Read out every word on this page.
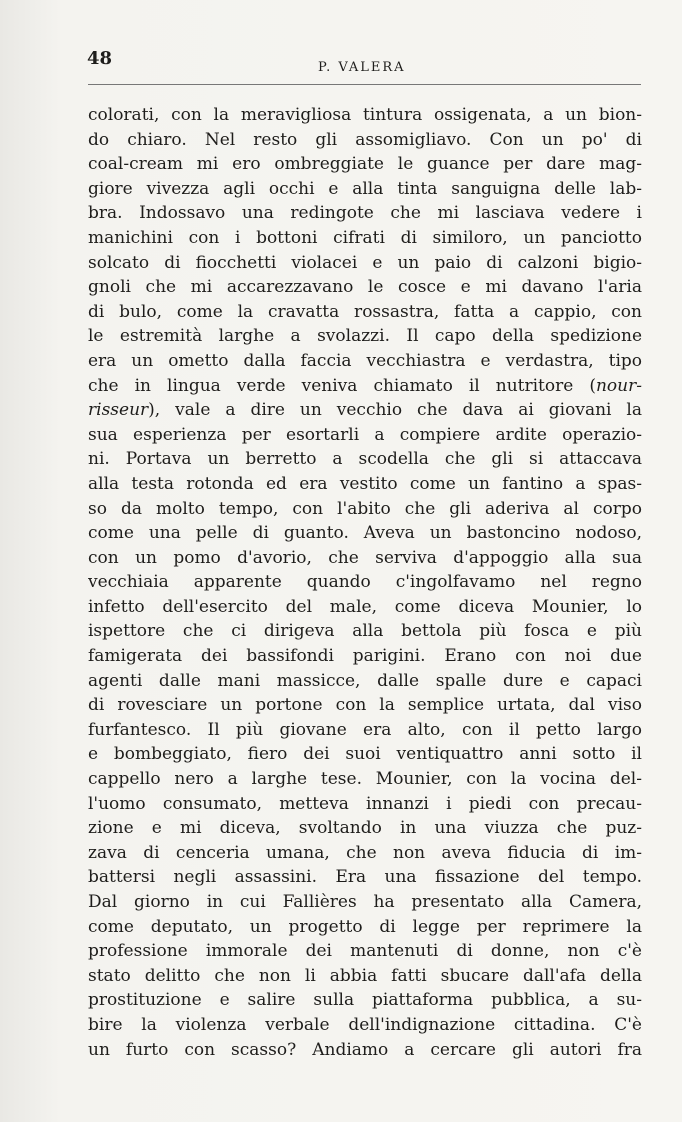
48	P. VALERA
colorati, con la meravigliosa tintura ossigenata, a un bion-
do chiaro. Nel resto gli assomigliavo. Con un po' di
coal-cream mi ero ombreggiate le guance per dare mag-
giore vivezza agli occhi e alla tinta sanguigna delle lab-
bra. Indossavo una redingote che mi lasciava vedere i
manichini con i bottoni cifrati di similoro, un panciotto
solcato di fiocchetti violacei e un paio di calzoni bigio-
gnoli che mi accarezzavano le cosce e mi davano l'aria
di bulo, come la cravatta rossastra, fatta a cappio, con
le estremità larghe a svolazzi. Il capo della spedizione
era un ometto dalla faccia vecchiastra e verdastra, tipo
che in lingua verde veniva chiamato il nutritore (nour-
risseur), vale a dire un vecchio che dava ai giovani la
sua esperienza per esortarli a compiere ardite operazio-
ni. Portava un berretto a scodella che gli si attaccava
alla testa rotonda ed era vestito come un fantino a spas-
so da molto tempo, con l'abito che gli aderiva al corpo
come una pelle di guanto. Aveva un bastoncino nodoso,
con un pomo d'avorio, che serviva d'appoggio alla sua
vecchiaia apparente quando c'ingolfavamo nel regno
infetto dell'esercito del male, come diceva Mounier, lo
ispettore che ci dirigeva alla bettola più fosca e più
famigerata dei bassifondi parigini. Erano con noi due
agenti dalle mani massicce, dalle spalle dure e capaci
di rovesciare un portone con la semplice urtata, dal viso
furfantesco. Il più giovane era alto, con il petto largo
e bombeggiato, fiero dei suoi ventiquattro anni sotto il
cappello nero a larghe tese. Mounier, con la vocina del-
l'uomo consumato, metteva innanzi i piedi con precau-
zione e mi diceva, svoltando in una viuzza che puz-
zava di cenceria umana, che non aveva fiducia di im-
battersi negli assassini. Era una fissazione del tempo.
Dal giorno in cui Fallières ha presentato alla Camera,
come deputato, un progetto di legge per reprimere la
professione immorale dei mantenuti di donne, non c'è
stato delitto che non li abbia fatti sbucare dall'afa della
prostituzione e salire sulla piattaforma pubblica, a su-
bire la violenza verbale dell'indignazione cittadina. C'è
un furto con scasso? Andiamo a cercare gli autori fra
